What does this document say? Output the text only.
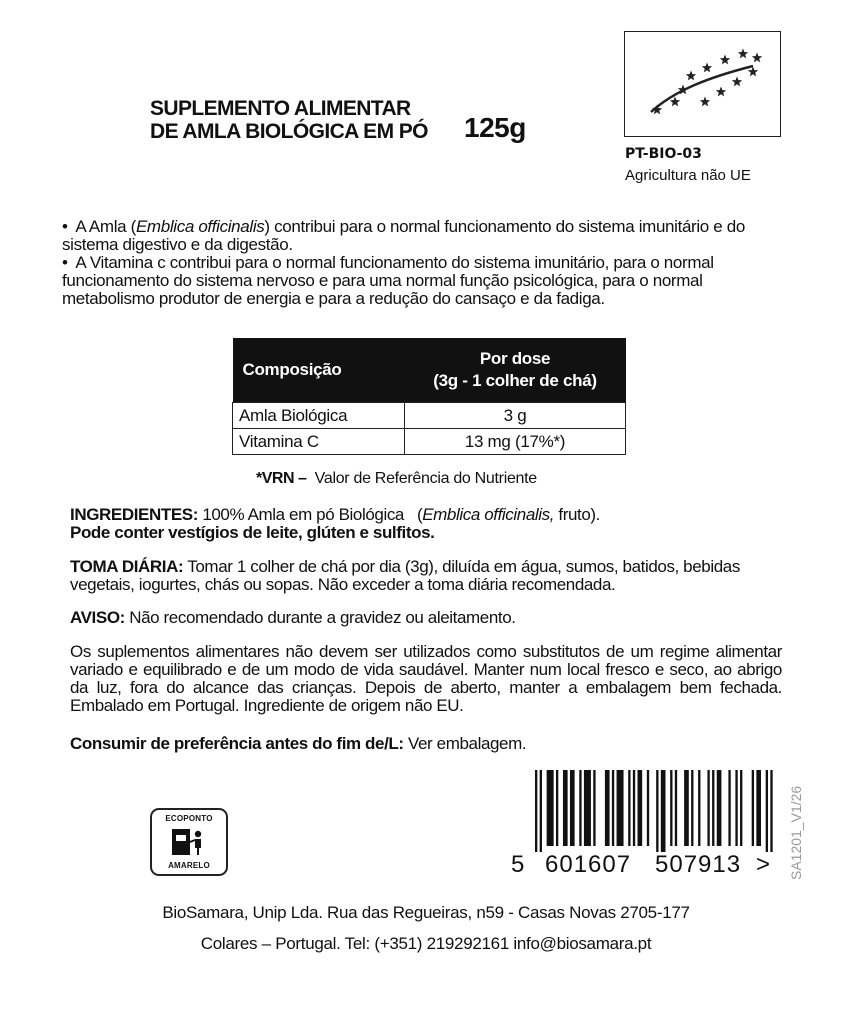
SUPLEMENTO ALIMENTAR
DE AMLA BIOLÓGICA EM PÓ 125g
PT-BIO-03
Agricultura não UE

•  A Amla (Emblica officinalis) contribui para o normal funcionamento do sistema imunitário e do sistema digestivo e da digestão.

•  A Vitamina c contribui para o normal funcionamento do sistema imunitário, para o normal funcionamento do sistema nervoso e para uma normal função psicológica, para o normal metabolismo produtor de energia e para a redução do cansaço e da fadiga.

Composição	Por dose
(3g - 1 colher de chá)

Amla Biológica	3 g
Vitamina C	13 mg (17%*)
*VRN – Valor de Referência do Nutriente

INGREDIENTES: 100% Amla em pó Biológica   (Emblica officinalis, fruto).

Pode conter vestígios de leite, glúten e sulfitos.

TOMA DIÁRIA: Tomar 1 colher de chá por dia (3g), diluída em água, sumos, batidos, bebidas vegetais, iogurtes, chás ou sopas. Não exceder a toma diária recomendada.

AVISO: Não recomendado durante a gravidez ou aleitamento.

Os suplementos alimentares não devem ser utilizados como substitutos de um regime alimentar variado e equilibrado e de um modo de vida saudável. Manter num local fresco e seco, ao abrigo da luz, fora do alcance das crianças. Depois de aberto, manter a embalagem bem fechada. Embalado em Portugal. Ingrediente de origem não EU.

Consumir de preferência antes do fim de/L: Ver embalagem.

ECOPONTO
AMARELO	5 601607 507913 > SA1201_V1/26
BioSamara, Unip Lda. Rua das Regueiras, n59 - Casas Novas 2705-177
Colares – Portugal. Tel: (+351) 219292161 info@biosamara.pt
